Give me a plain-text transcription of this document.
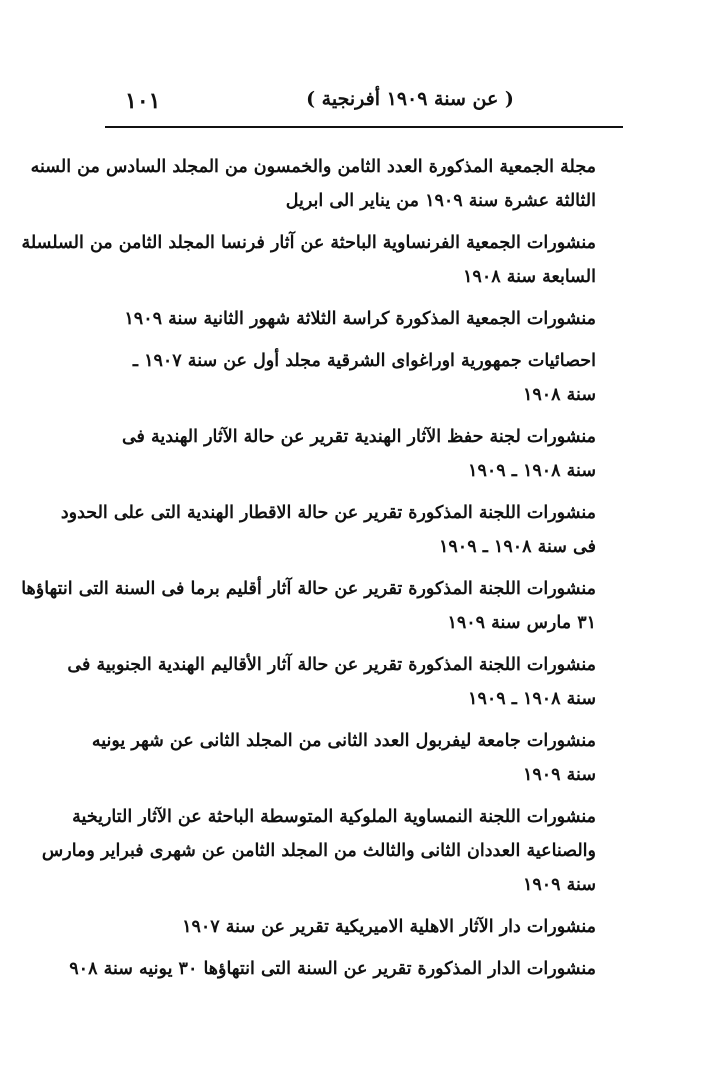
١٠١	( عن سنة ١٩٠٩ أفرنجية )

مجلة الجمعية المذكورة العدد الثامن والخمسون من المجلد السادس من السنه
الثالثة عشرة سنة ١٩٠٩ من يناير الى ابريل

منشورات الجمعية الفرنساوية الباحثة عن آثار فرنسا المجلد الثامن من السلسلة
السابعة سنة ١٩٠٨

منشورات الجمعية المذكورة كراسة الثلاثة شهور الثانية سنة ١٩٠٩

احصائيات جمهورية اوراغواى الشرقية مجلد أول عن سنة ١٩٠٧ ـ
سنة ١٩٠٨

منشورات لجنة حفظ الآثار الهندية تقرير عن حالة الآثار الهندية فى
سنة ١٩٠٨ ـ ١٩٠٩

منشورات اللجنة المذكورة تقرير عن حالة الاقطار الهندية التى على الحدود
فى سنة ١٩٠٨ ـ ١٩٠٩

منشورات اللجنة المذكورة تقرير عن حالة آثار أقليم برما فى السنة التى انتهاؤها
٣١ مارس سنة ١٩٠٩

منشورات اللجنة المذكورة تقرير عن حالة آثار الأقاليم الهندية الجنوبية فى
سنة ١٩٠٨ ـ ١٩٠٩

منشورات جامعة ليفربول العدد الثانى من المجلد الثانى عن شهر يونيه
سنة ١٩٠٩

منشورات اللجنة النمساوية الملوكية المتوسطة الباحثة عن الآثار التاريخية
والصناعية العددان الثانى والثالث من المجلد الثامن عن شهرى فبراير ومارس
سنة ١٩٠٩

منشورات دار الآثار الاهلية الاميريكية تقرير عن سنة ١٩٠٧

منشورات الدار المذكورة تقرير عن السنة التى انتهاؤها ٣٠ يونيه سنة ٩٠٨
